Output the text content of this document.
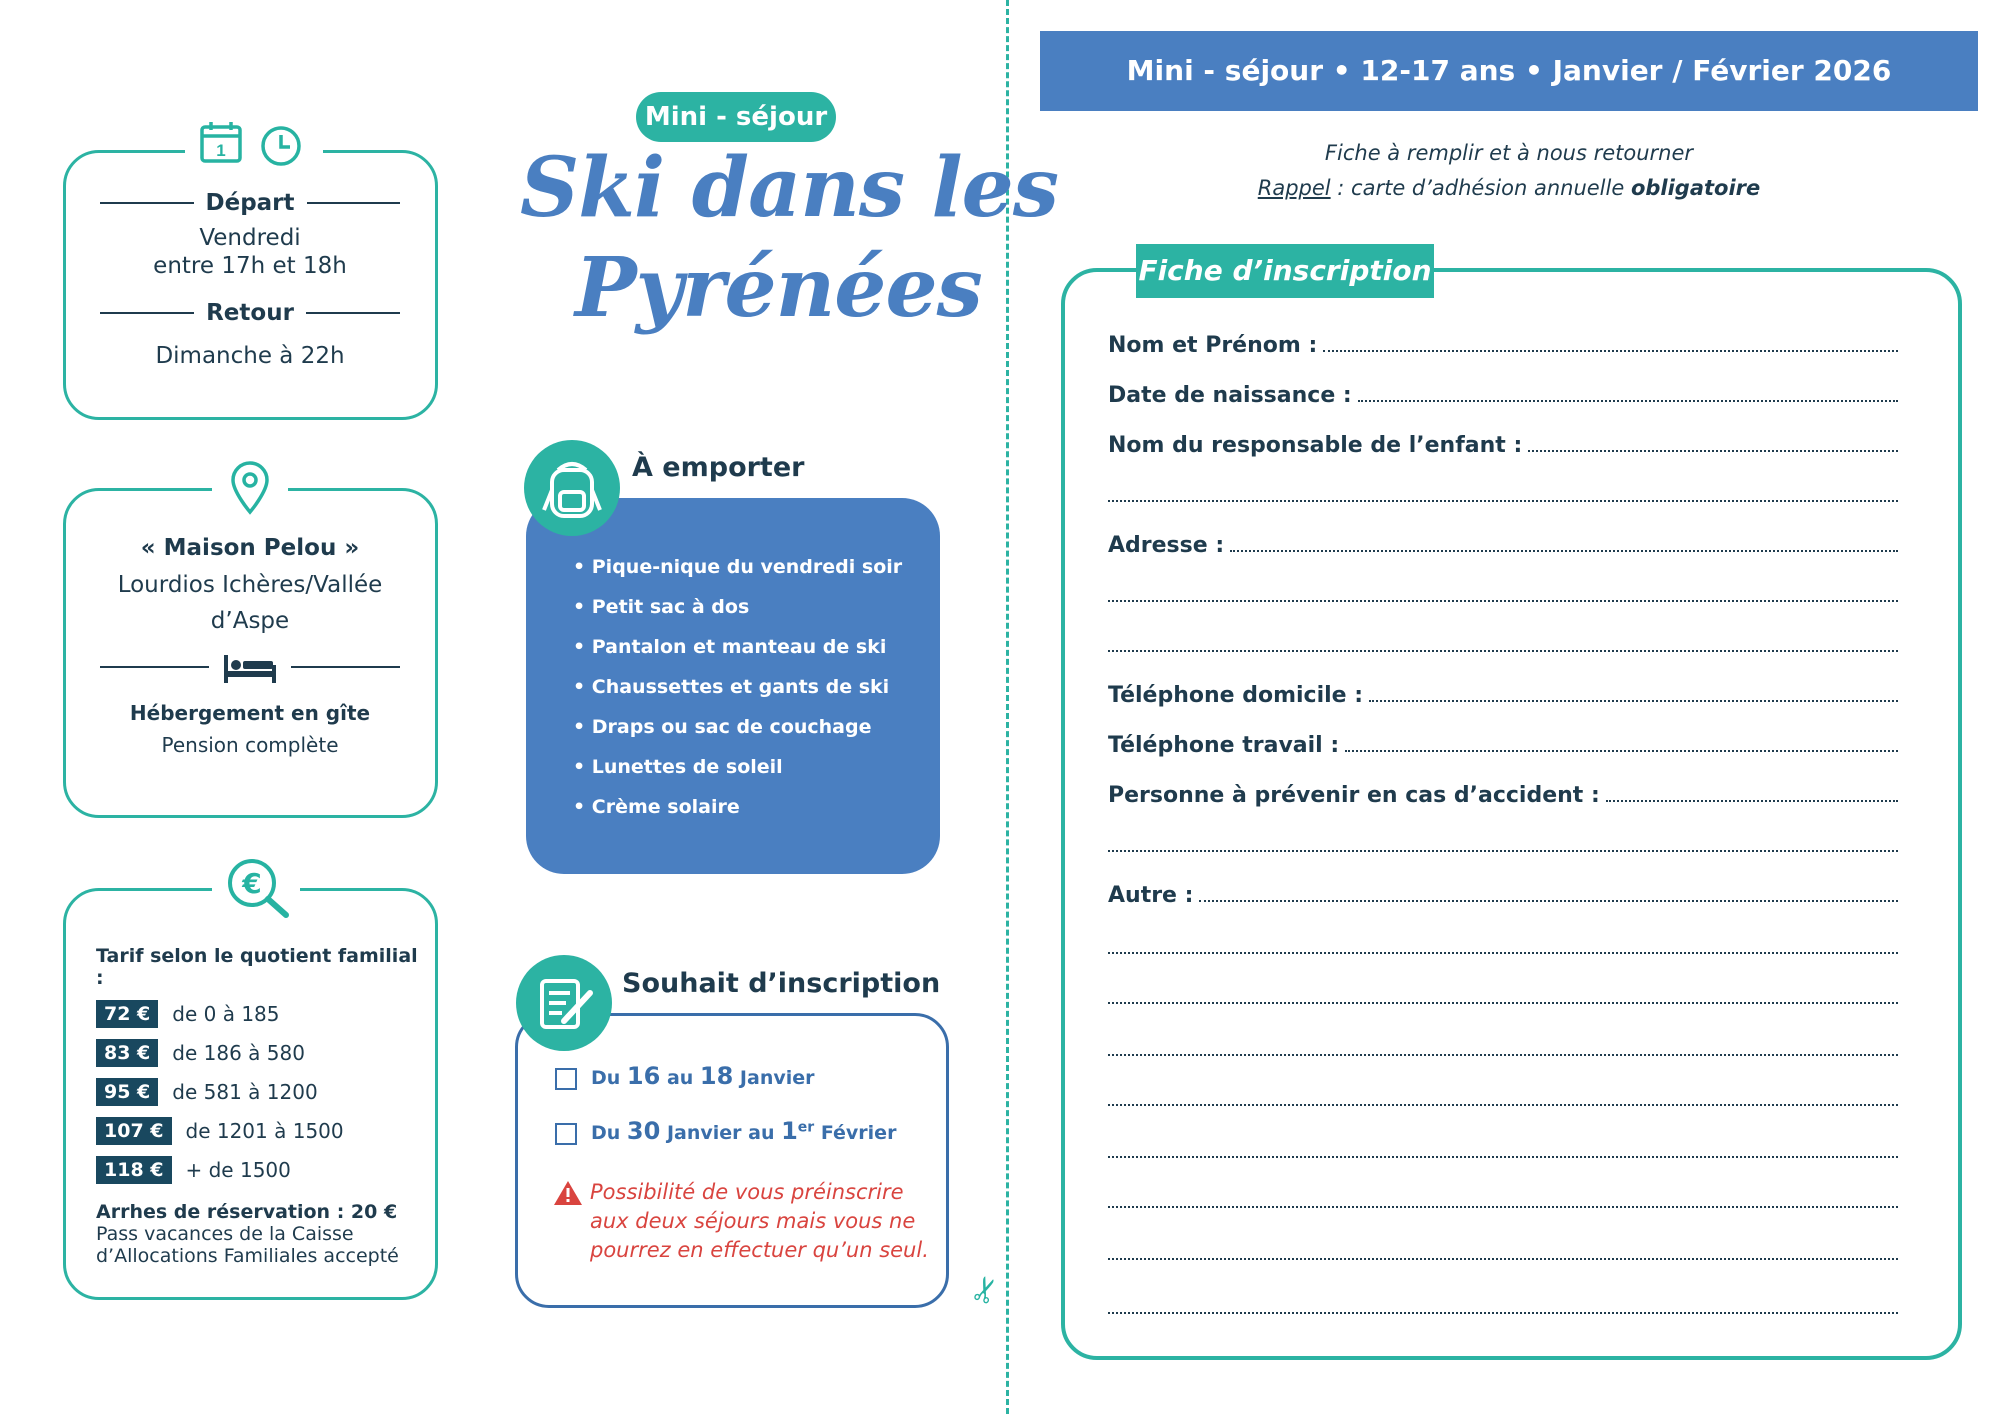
✂
1
Départ
Vendredi
entre 17h et 18h
Retour
Dimanche à 22h
« Maison Pelou »
Lourdios Ichères/Vallée
d’Aspe
Hébergement en gîte
Pension complète
€
Tarif selon le quotient familial :
72 €	de 0 à 185
83 €	de 186 à 580
95 €	de 581 à 1200
107 €	de 1201 à 1500
118 €	+ de 1500
Arrhes de réservation : 20 €
Pass vacances de la Caisse
d’Allocations Familiales accepté
Mini - séjour
Ski dans les
Pyrénées
À emporter
• Pique-nique du vendredi soir
• Petit sac à dos
• Pantalon et manteau de ski
• Chaussettes et gants de ski
• Draps ou sac de couchage
• Lunettes de soleil
• Crème solaire
Souhait d’inscription
Du 16 au 18 Janvier
Du 30 Janvier au 1er Février
Possibilité de vous préinscrire
aux deux séjours mais vous ne
pourrez en effectuer qu’un seul.
Mini - séjour • 12-17 ans • Janvier / Février 2026
Fiche à remplir et à nous retourner
Rappel : carte d’adhésion annuelle obligatoire
Fiche d’inscription
Nom et Prénom :
Date de naissance :
Nom du responsable de l’enfant :
Adresse :
Téléphone domicile :
Téléphone travail :
Personne à prévenir en cas d’accident :
Autre :
